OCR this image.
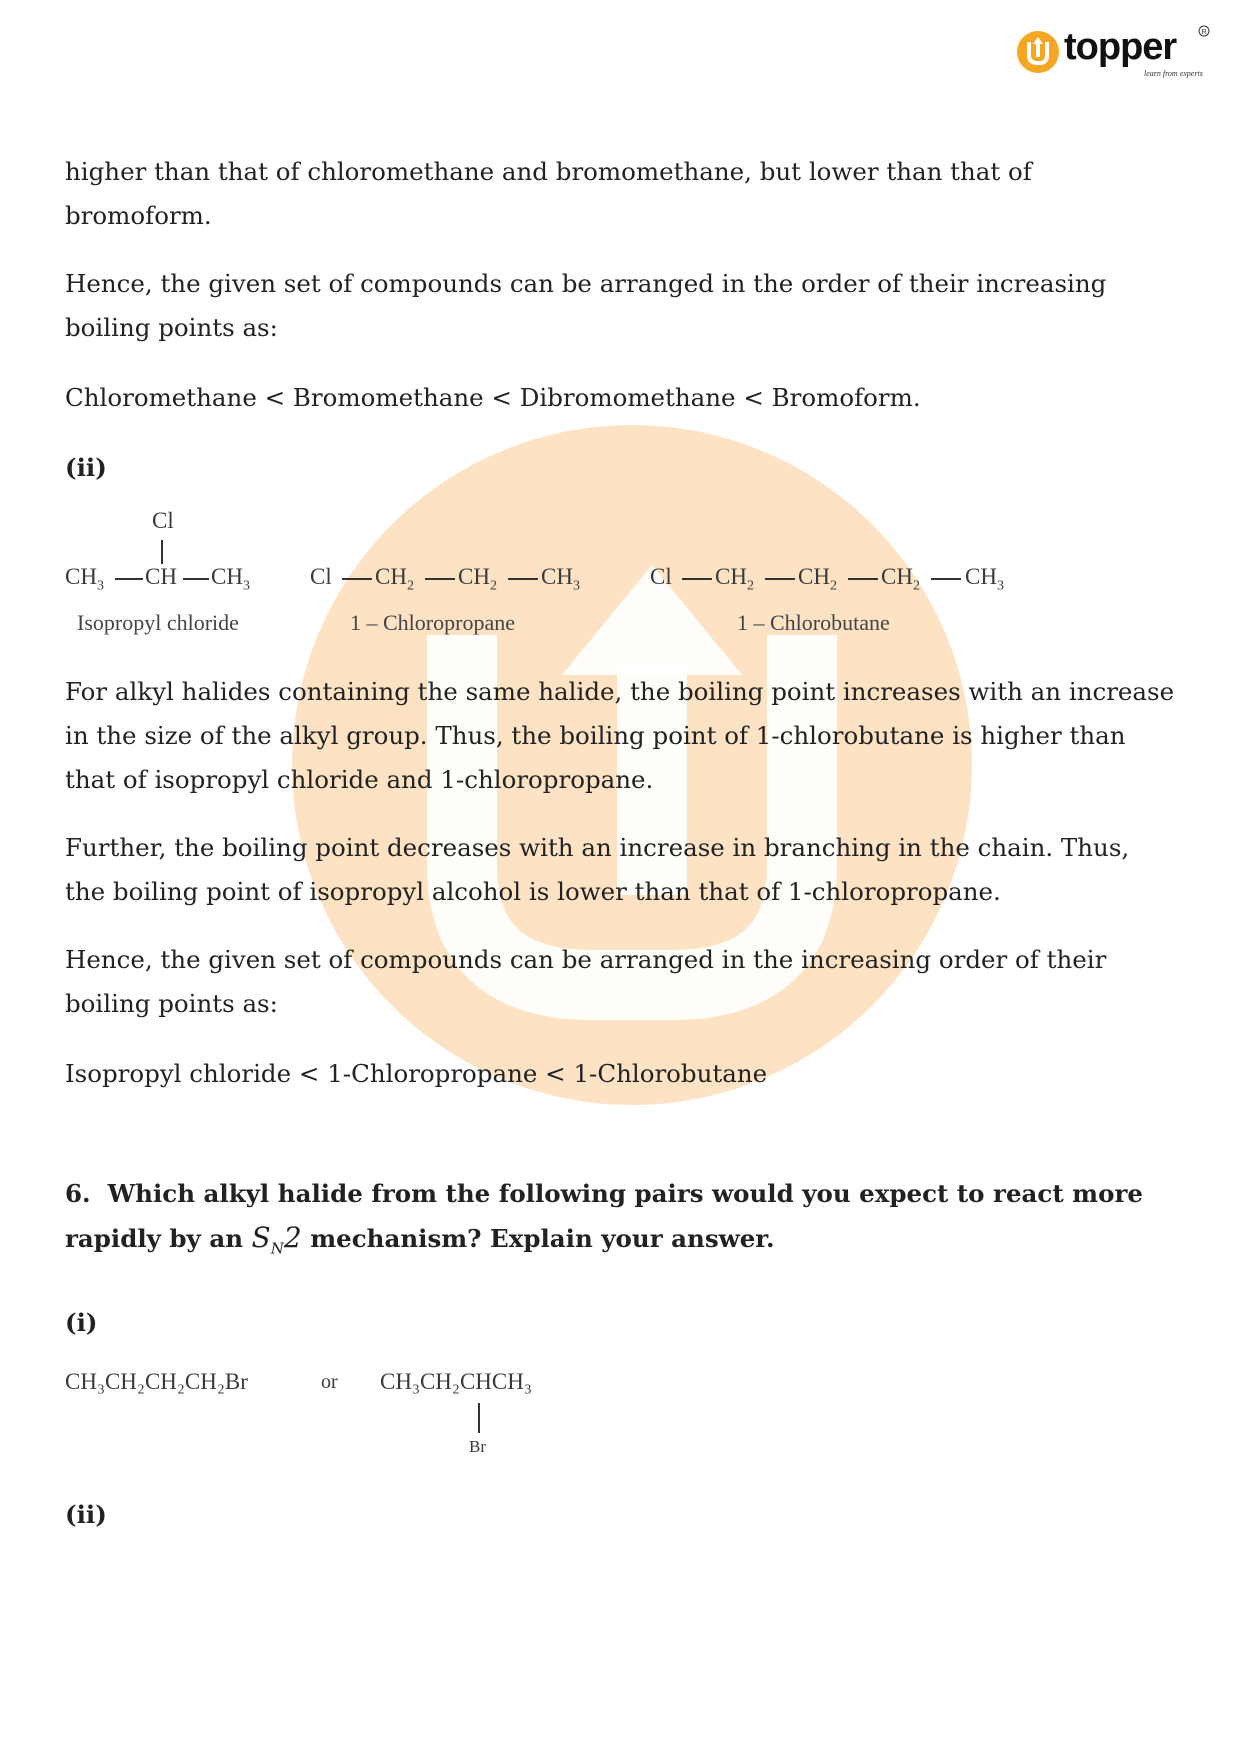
R
topper
learn from experts

higher than that of chloromethane and bromomethane, but lower than that of bromoform.

Hence, the given set of compounds can be arranged in the order of their increasing boiling points as:

Chloromethane < Bromomethane < Dibromomethane < Bromoform.

(ii)

Cl
$CH_3$ CH $CH_3$
Isopropyl chloride
Cl $CH_2$ $CH_2$ $CH_3$
1 – Chloropropane
Cl $CH_2$ $CH_2$ $CH_2$ $CH_3$
1 – Chlorobutane

For alkyl halides containing the same halide, the boiling point increases with an increase in the size of the alkyl group. Thus, the boiling point of 1-chlorobutane is higher than that of isopropyl chloride and 1-chloropropane.

Further, the boiling point decreases with an increase in branching in the chain. Thus, the boiling point of isopropyl alcohol is lower than that of 1-chloropropane.

Hence, the given set of compounds can be arranged in the increasing order of their boiling points as:

Isopropyl chloride < 1-Chloropropane < 1-Chlorobutane

6. Which alkyl halide from the following pairs would you expect to react more rapidly by an $S_N2$ mechanism? Explain your answer.

(i)

CH₃CH₂CH₂CH₂Br	or CH₃CH₂CHCH₃
Br

(ii)
